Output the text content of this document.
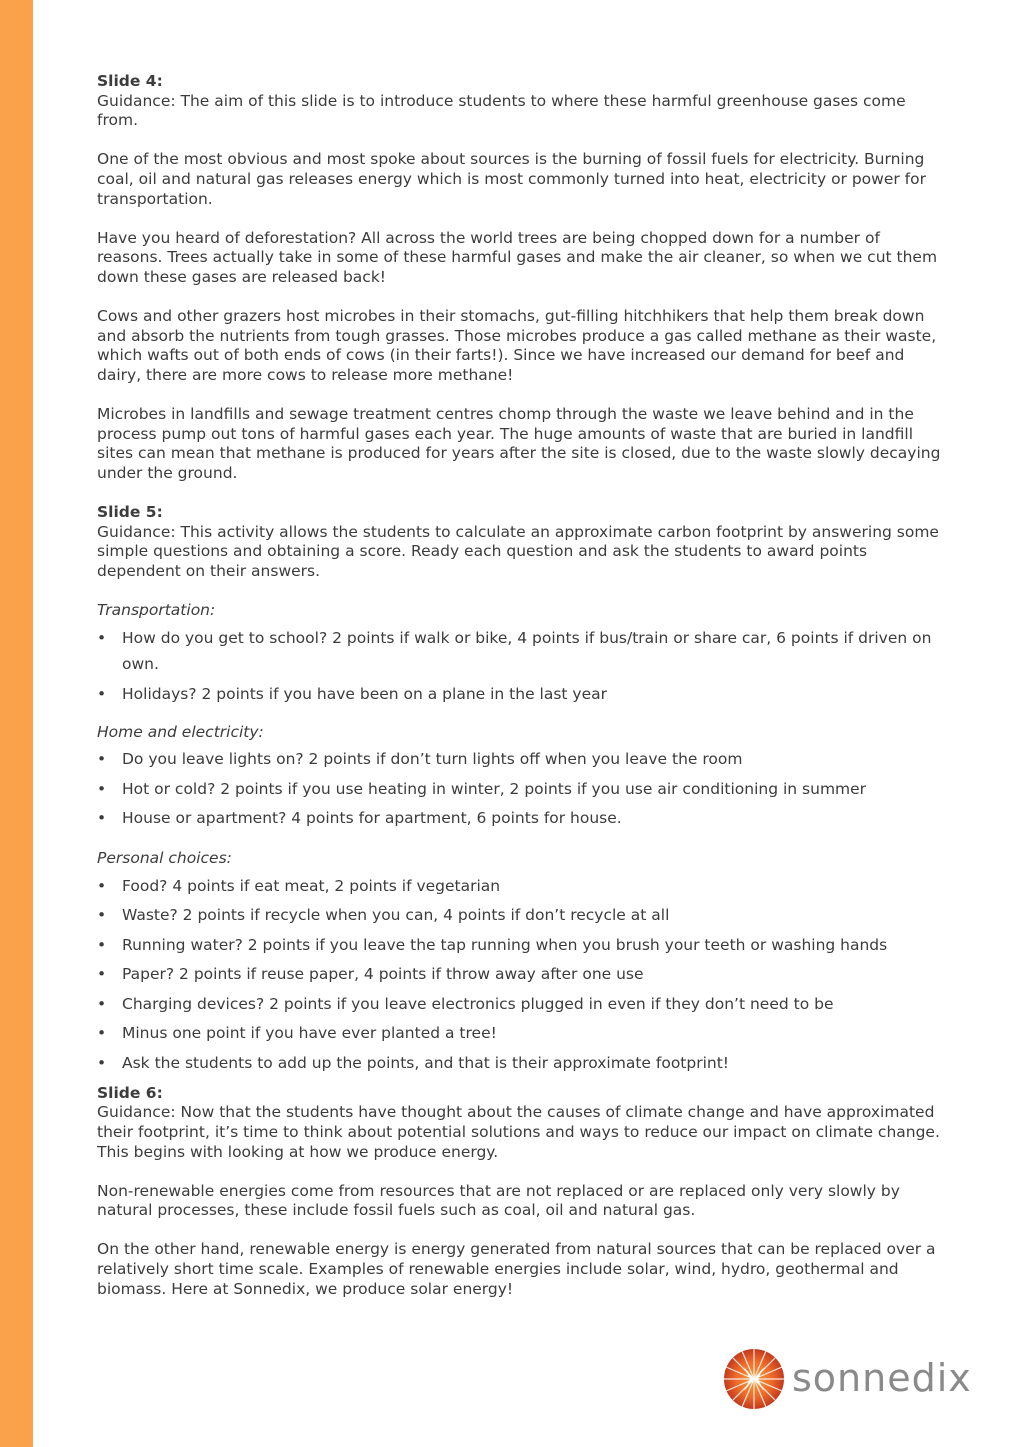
Slide 4:

Guidance: The aim of this slide is to introduce students to where these harmful greenhouse gases come from.

One of the most obvious and most spoke about sources is the burning of fossil fuels for electricity. Burning coal, oil and natural gas releases energy which is most commonly turned into heat, electricity or power for transportation.

Have you heard of deforestation? All across the world trees are being chopped down for a number of reasons. Trees actually take in some of these harmful gases and make the air cleaner, so when we cut them down these gases are released back!

Cows and other grazers host microbes in their stomachs, gut-filling hitchhikers that help them break down and absorb the nutrients from tough grasses. Those microbes produce a gas called methane as their waste, which wafts out of both ends of cows (in their farts!). Since we have increased our demand for beef and dairy, there are more cows to release more methane!

Microbes in landfills and sewage treatment centres chomp through the waste we leave behind and in the process pump out tons of harmful gases each year. The huge amounts of waste that are buried in landfill sites can mean that methane is produced for years after the site is closed, due to the waste slowly decaying under the ground.

Slide 5:

Guidance: This activity allows the students to calculate an approximate carbon footprint by answering some simple questions and obtaining a score. Ready each question and ask the students to award points dependent on their answers.

Transportation:

• How do you get to school? 2 points if walk or bike, 4 points if bus/train or share car, 6 points if driven on own.
• Holidays? 2 points if you have been on a plane in the last year

Home and electricity:

• Do you leave lights on? 2 points if don’t turn lights off when you leave the room
• Hot or cold? 2 points if you use heating in winter, 2 points if you use air conditioning in summer
• House or apartment? 4 points for apartment, 6 points for house.

Personal choices:

• Food? 4 points if eat meat, 2 points if vegetarian
• Waste? 2 points if recycle when you can, 4 points if don’t recycle at all
• Running water? 2 points if you leave the tap running when you brush your teeth or washing hands
• Paper? 2 points if reuse paper, 4 points if throw away after one use
• Charging devices? 2 points if you leave electronics plugged in even if they don’t need to be
• Minus one point if you have ever planted a tree!
• Ask the students to add up the points, and that is their approximate footprint!

Slide 6:

Guidance: Now that the students have thought about the causes of climate change and have approximated their footprint, it’s time to think about potential solutions and ways to reduce our impact on climate change. This begins with looking at how we produce energy.

Non-renewable energies come from resources that are not replaced or are replaced only very slowly by natural processes, these include fossil fuels such as coal, oil and natural gas.

On the other hand, renewable energy is energy generated from natural sources that can be replaced over a relatively short time scale. Examples of renewable energies include solar, wind, hydro, geothermal and biomass. Here at Sonnedix, we produce solar energy!

sonnedix
